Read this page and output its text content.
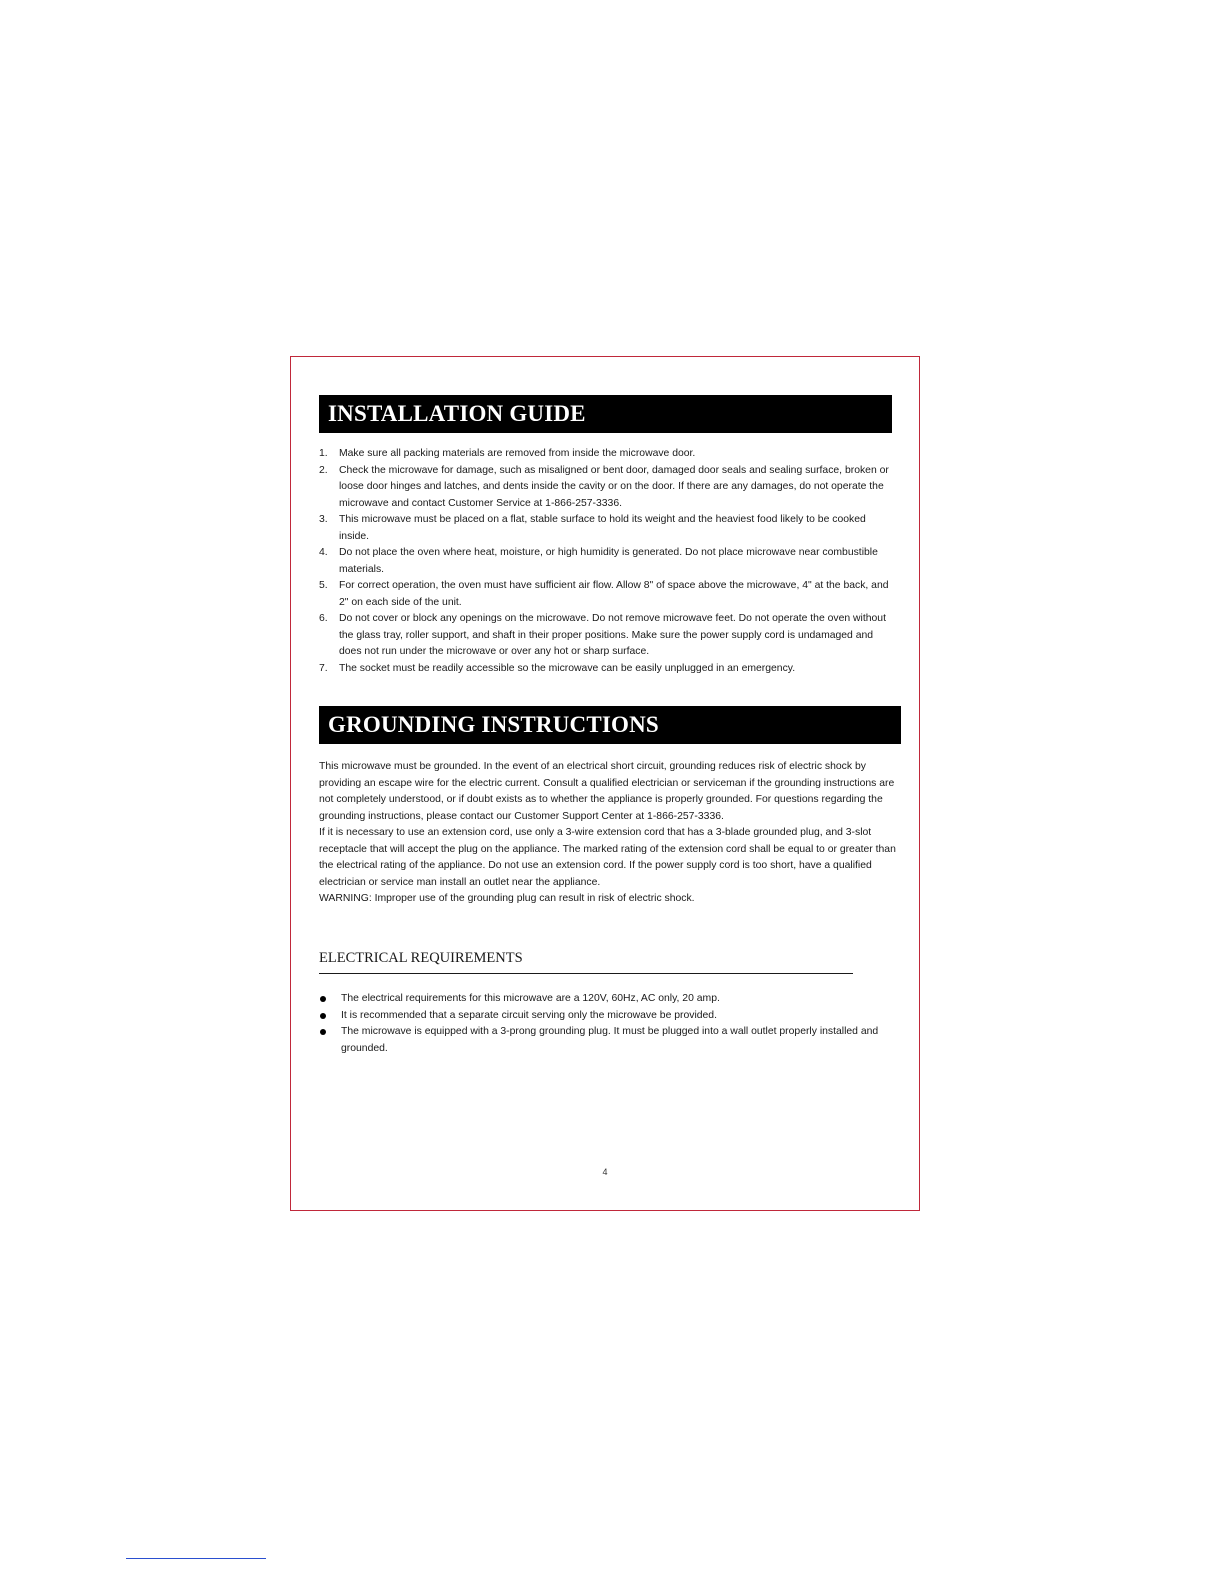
INSTALLATION GUIDE
1. Make sure all packing materials are removed from inside the microwave door.
2. Check the microwave for damage, such as misaligned or bent door, damaged door seals and sealing surface, broken or loose door hinges and latches, and dents inside the cavity or on the door. If there are any damages, do not operate the microwave and contact Customer Service at 1-866-257-3336.
3. This microwave must be placed on a flat, stable surface to hold its weight and the heaviest food likely to be cooked inside.
4. Do not place the oven where heat, moisture, or high humidity is generated. Do not place microwave near combustible materials.
5. For correct operation, the oven must have sufficient air flow. Allow 8" of space above the microwave, 4" at the back, and 2" on each side of the unit.
6. Do not cover or block any openings on the microwave. Do not remove microwave feet. Do not operate the oven without the glass tray, roller support, and shaft in their proper positions. Make sure the power supply cord is undamaged and does not run under the microwave or over any hot or sharp surface.
7. The socket must be readily accessible so the microwave can be easily unplugged in an emergency.
GROUNDING INSTRUCTIONS

This microwave must be grounded. In the event of an electrical short circuit, grounding reduces risk of electric shock by providing an escape wire for the electric current. Consult a qualified electrician or serviceman if the grounding instructions are not completely understood, or if doubt exists as to whether the appliance is properly grounded. For questions regarding the grounding instructions, please contact our Customer Support Center at 1-866-257-3336.

If it is necessary to use an extension cord, use only a 3-wire extension cord that has a 3-blade grounded plug, and 3-slot receptacle that will accept the plug on the appliance. The marked rating of the extension cord shall be equal to or greater than the electrical rating of the appliance. Do not use an extension cord. If the power supply cord is too short, have a qualified electrician or service man install an outlet near the appliance.

WARNING: Improper use of the grounding plug can result in risk of electric shock.

ELECTRICAL REQUIREMENTS
The electrical requirements for this microwave are a 120V, 60Hz, AC only, 20 amp.
It is recommended that a separate circuit serving only the microwave be provided.
The microwave is equipped with a 3-prong grounding plug. It must be plugged into a wall outlet properly installed and grounded.
4
